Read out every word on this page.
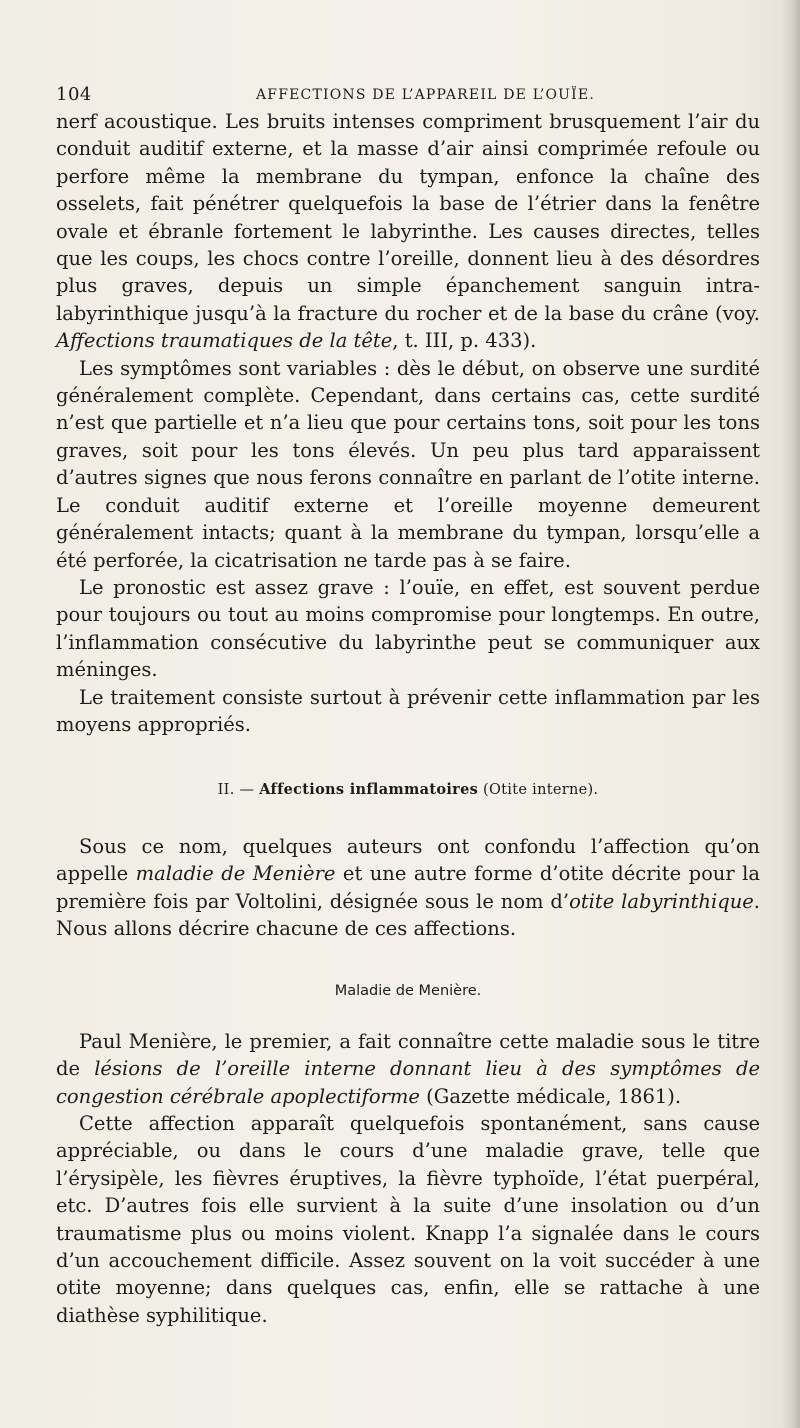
104	AFFECTIONS DE L’APPAREIL DE L’OUÏE.

nerf acoustique. Les bruits intenses compriment brusquement l’air du conduit auditif externe, et la masse d’air ainsi comprimée refoule ou perfore même la membrane du tympan, enfonce la chaîne des osselets, fait pénétrer quelquefois la base de l’étrier dans la fenêtre ovale et ébranle fortement le labyrinthe. Les causes directes, telles que les coups, les chocs contre l’oreille, donnent lieu à des désordres plus graves, depuis un simple épanchement sanguin intra-labyrinthique jusqu’à la fracture du rocher et de la base du crâne (voy. Affections traumatiques de la tête, t. III, p. 433).

Les symptômes sont variables : dès le début, on observe une surdité généralement complète. Cependant, dans certains cas, cette surdité n’est que partielle et n’a lieu que pour certains tons, soit pour les tons graves, soit pour les tons élevés. Un peu plus tard apparaissent d’autres signes que nous ferons connaître en parlant de l’otite interne. Le conduit auditif externe et l’oreille moyenne demeurent généralement intacts; quant à la membrane du tympan, lorsqu’elle a été perforée, la cicatrisation ne tarde pas à se faire.

Le pronostic est assez grave : l’ouïe, en effet, est souvent perdue pour toujours ou tout au moins compromise pour longtemps. En outre, l’inflammation consécutive du labyrinthe peut se communiquer aux méninges.

Le traitement consiste surtout à prévenir cette inflammation par les moyens appropriés.

II. — Affections inflammatoires (Otite interne).

Sous ce nom, quelques auteurs ont confondu l’affection qu’on appelle maladie de Menière et une autre forme d’otite décrite pour la première fois par Voltolini, désignée sous le nom d’otite labyrinthique. Nous allons décrire chacune de ces affections.

Maladie de Menière.

Paul Menière, le premier, a fait connaître cette maladie sous le titre de lésions de l’oreille interne donnant lieu à des symptômes de congestion cérébrale apoplectiforme (Gazette médicale, 1861).

Cette affection apparaît quelquefois spontanément, sans cause appréciable, ou dans le cours d’une maladie grave, telle que l’érysipèle, les fièvres éruptives, la fièvre typhoïde, l’état puerpéral, etc. D’autres fois elle survient à la suite d’une insolation ou d’un traumatisme plus ou moins violent. Knapp l’a signalée dans le cours d’un accouchement difficile. Assez souvent on la voit succéder à une otite moyenne; dans quelques cas, enfin, elle se rattache à une diathèse syphilitique.
